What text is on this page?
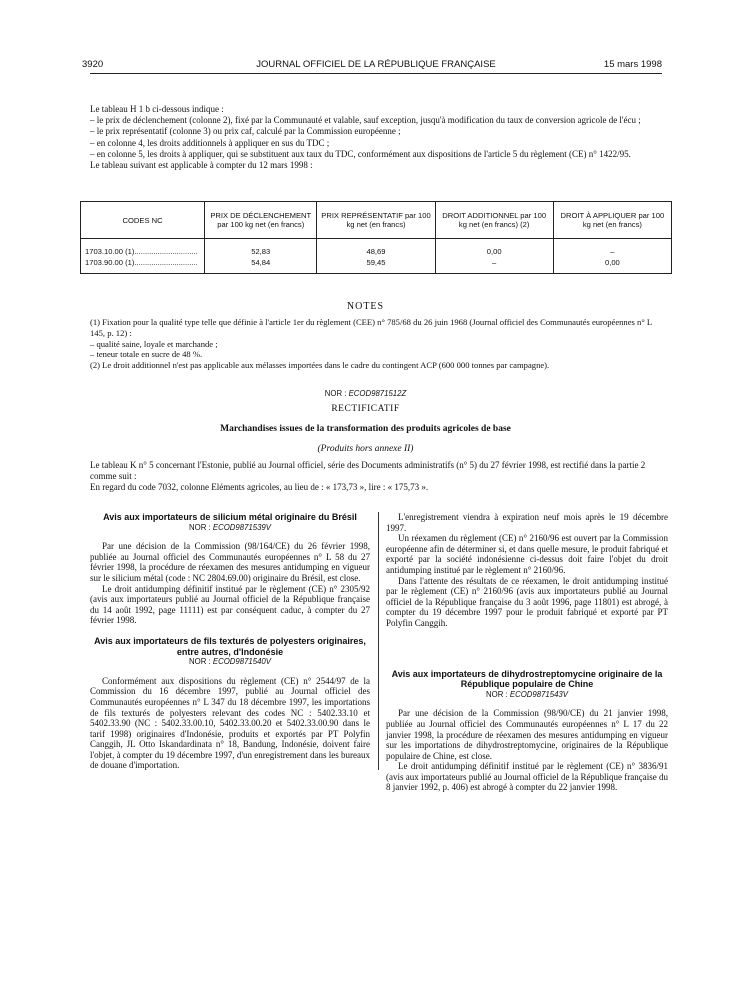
3920	JOURNAL OFFICIEL DE LA RÉPUBLIQUE FRANÇAISE	15 mars 1998

Le tableau H 1 b ci-dessous indique :

– le prix de déclenchement (colonne 2), fixé par la Communauté et valable, sauf exception, jusqu'à modification du taux de conversion agricole de l'écu ;

– le prix représentatif (colonne 3) ou prix caf, calculé par la Commission européenne ;

– en colonne 4, les droits additionnels à appliquer en sus du TDC ;

– en colonne 5, les droits à appliquer, qui se substituent aux taux du TDC, conformément aux dispositions de l'article 5 du règlement (CE) n° 1422/95.

Le tableau suivant est applicable à compter du 12 mars 1998 :

CODES NC	PRIX DE DÉCLENCHEMENT par 100 kg net (en francs)	PRIX REPRÉSENTATIF par 100 kg net (en francs)	DROIT ADDITIONNEL par 100 kg net (en francs) (2)	DROIT À APPLIQUER par 100 kg net (en francs)
1703.10.00 (1)..............................	52,83	48,69	0,00	–
1703.90.00 (1)..............................	54,84	59,45	–	0,00
NOTES

(1) Fixation pour la qualité type telle que définie à l'article 1er du règlement (CEE) n° 785/68 du 26 juin 1968 (Journal officiel des Communautés européennes n° L 145, p. 12) :

– qualité saine, loyale et marchande ;

– teneur totale en sucre de 48 %.

(2) Le droit additionnel n'est pas applicable aux mélasses importées dans le cadre du contingent ACP (600 000 tonnes par campagne).

NOR : ECOD9871512Z
RECTIFICATIF
Marchandises issues de la transformation des produits agricoles de base
(Produits hors annexe II)

Le tableau K n° 5 concernant l'Estonie, publié au Journal officiel, série des Documents administratifs (n° 5) du 27 février 1998, est rectifié dans la partie 2 comme suit :

En regard du code 7032, colonne Eléments agricoles, au lieu de : « 173,73 », lire : « 175,73 ».

Avis aux importateurs de silicium métal originaire du Brésil

NOR : ECOD9871539V

Par une décision de la Commission (98/164/CE) du 26 février 1998, publiée au Journal officiel des Communautés européennes n° L 58 du 27 février 1998, la procédure de réexamen des mesures antidumping en vigueur sur le silicium métal (code : NC 2804.69.00) originaire du Brésil, est close.

Le droit antidumping définitif institué par le règlement (CE) n° 2305/92 (avis aux importateurs publié au Journal officiel de la République française du 14 août 1992, page 11111) est par conséquent caduc, à compter du 27 février 1998.

Avis aux importateurs de fils texturés de polyesters originaires, entre autres, d'Indonésie

NOR : ECOD9871540V

Conformément aux dispositions du règlement (CE) n° 2544/97 de la Commission du 16 décembre 1997, publié au Journal officiel des Communautés européennes n° L 347 du 18 décembre 1997, les importations de fils texturés de polyesters relevant des codes NC : 5402.33.10 et 5402.33.90 (NC : 5402.33.00.10, 5402.33.00.20 et 5402.33.00.90 dans le tarif 1998) originaires d'Indonésie, produits et exportés par PT Polyfin Canggih, JL Otto Iskandardinata n° 18, Bandung, Indonésie, doivent faire l'objet, à compter du 19 décembre 1997, d'un enregistrement dans les bureaux de douane d'importation.

L'enregistrement viendra à expiration neuf mois après le 19 décembre 1997.

Un réexamen du règlement (CE) n° 2160/96 est ouvert par la Commission européenne afin de déterminer si, et dans quelle mesure, le produit fabriqué et exporté par la société indonésienne ci-dessus doit faire l'objet du droit antidumping institué par le règlement n° 2160/96.

Dans l'attente des résultats de ce réexamen, le droit antidumping institué par le règlement (CE) n° 2160/96 (avis aux importateurs publié au Journal officiel de la République française du 3 août 1996, page 11801) est abrogé, à compter du 19 décembre 1997 pour le produit fabriqué et exporté par PT Polyfin Canggih.

Avis aux importateurs de dihydrostreptomycine originaire de la République populaire de Chine

NOR : ECOD9871543V

Par une décision de la Commission (98/90/CE) du 21 janvier 1998, publiée au Journal officiel des Communautés européennes n° L 17 du 22 janvier 1998, la procédure de réexamen des mesures antidumping en vigueur sur les importations de dihydrostreptomycine, originaires de la République populaire de Chine, est close.

Le droit antidumping définitif institué par le règlement (CE) n° 3836/91 (avis aux importateurs publié au Journal officiel de la République française du 8 janvier 1992, p. 406) est abrogé à compter du 22 janvier 1998.
